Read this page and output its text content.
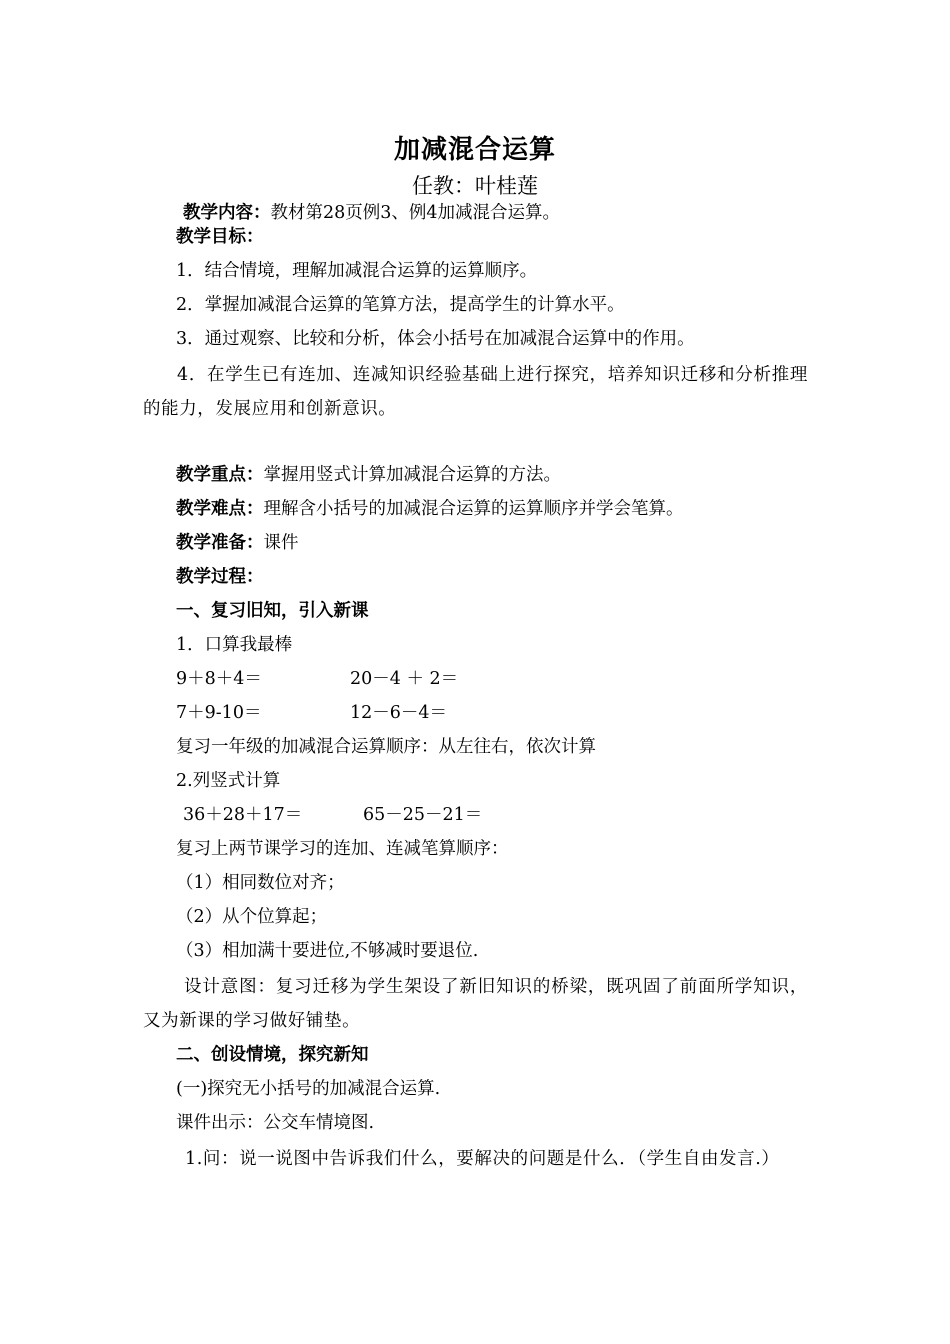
加减混合运算
任教：叶桂莲
教学内容：教材第28页例3、例4加减混合运算。
教学目标：
1．结合情境，理解加减混合运算的运算顺序。
2．掌握加减混合运算的笔算方法，提高学生的计算水平。
3．通过观察、比较和分析，体会小括号在加减混合运算中的作用。
4．在学生已有连加、连减知识经验基础上进行探究，培养知识迁移和分析推理的能力，发展应用和创新意识。
教学重点：掌握用竖式计算加减混合运算的方法。
教学难点：理解含小括号的加减混合运算的运算顺序并学会笔算。
教学准备：课件
教学过程：
一、复习旧知，引入新课
1．口算我最棒
9＋8＋4＝	20－4 ＋ 2＝
7＋9-10＝	12－6－4＝
复习一年级的加减混合运算顺序：从左往右，依次计算
2.列竖式计算
36＋28＋17＝	65－25－21＝
复习上两节课学习的连加、连减笔算顺序：
（1）相同数位对齐；
（2）从个位算起；
（3）相加满十要进位,不够减时要退位.
设计意图：复习迁移为学生架设了新旧知识的桥梁，既巩固了前面所学知识，又为新课的学习做好铺垫。
二、创设情境，探究新知
(一)探究无小括号的加减混合运算.
课件出示：公交车情境图.
1.问：说一说图中告诉我们什么，要解决的问题是什么．（学生自由发言.）
